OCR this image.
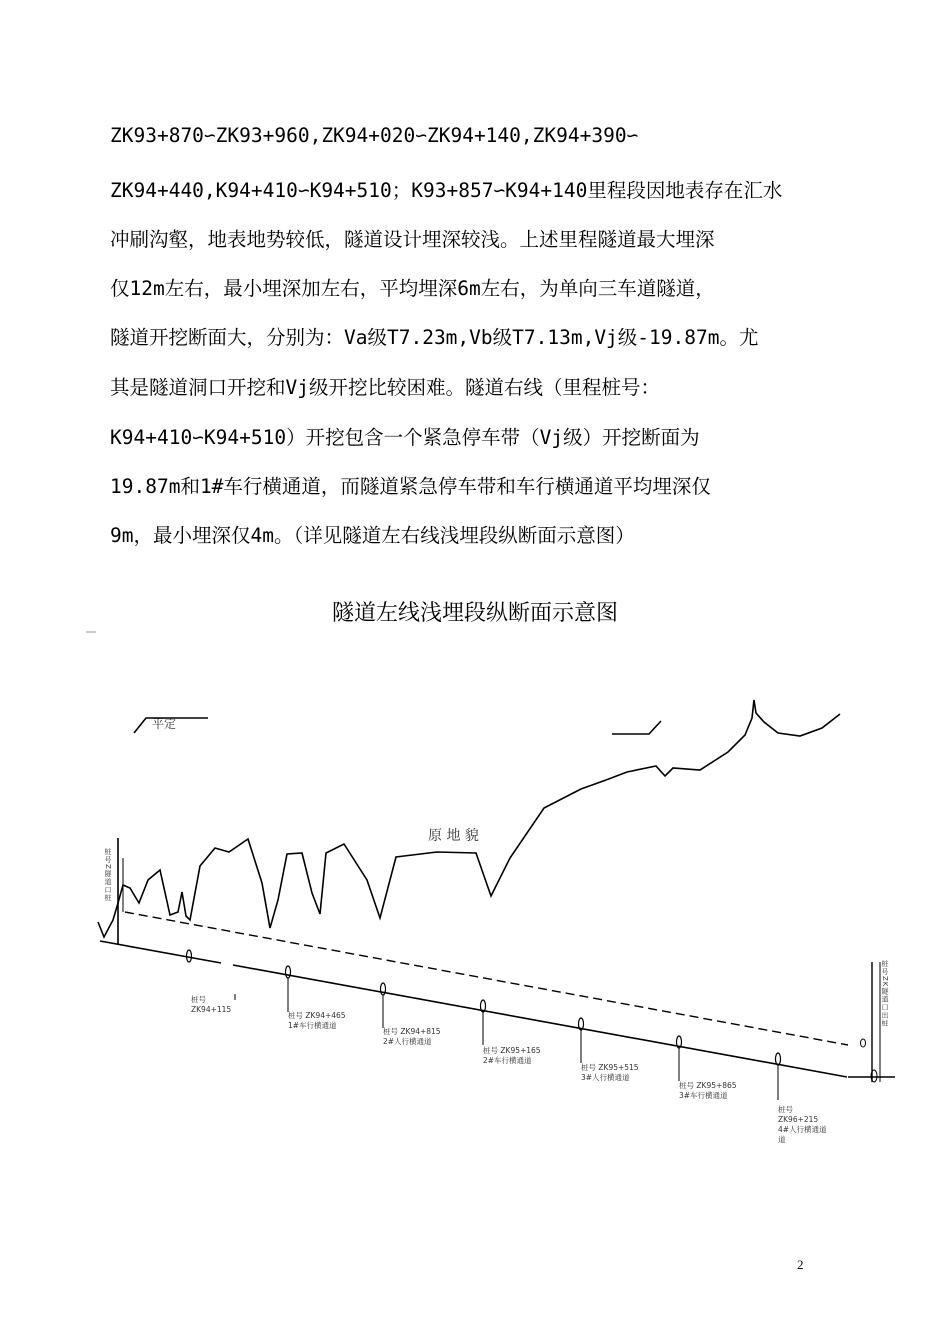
ZK93+870∽ZK93+960,ZK94+020∽ZK94+140,ZK94+390∽
ZK94+440,K94+410∽K94+510；K93+857∽K94+140里程段因地表存在汇水
冲刷沟壑，地表地势较低，隧道设计埋深较浅。上述里程隧道最大埋深
仅12m左右，最小埋深加左右，平均埋深6m左右，为单向三车道隧道，
隧道开挖断面大，分别为：Va级T7.23m,Vb级T7.13m,Vj级-19.87m。尤
其是隧道洞口开挖和Vj级开挖比较困难。隧道右线（里程桩号：
K94+410∽K94+510）开挖包含一个紧急停车带（Vj级）开挖断面为
19.87m和1#车行横通道，而隧道紧急停车带和车行横通道平均埋深仅
9m，最小埋深仅4m。（详见隧道左右线浅埋段纵断面示意图）
隧道左线浅埋段纵断面示意图
平定
原 地 貌
桩号Z隧道口桩
桩号ZK隧道口出桩
桩号
ZK94+115
桩号 ZK94+465
1#车行横通道
桩号 ZK94+815
2#人行横通道
桩号 ZK95+165
2#车行横通道
桩号 ZK95+515
3#人行横通道
桩号 ZK95+865
3#车行横通道
桩号
ZK96+215
4#人行横通道
道
2
